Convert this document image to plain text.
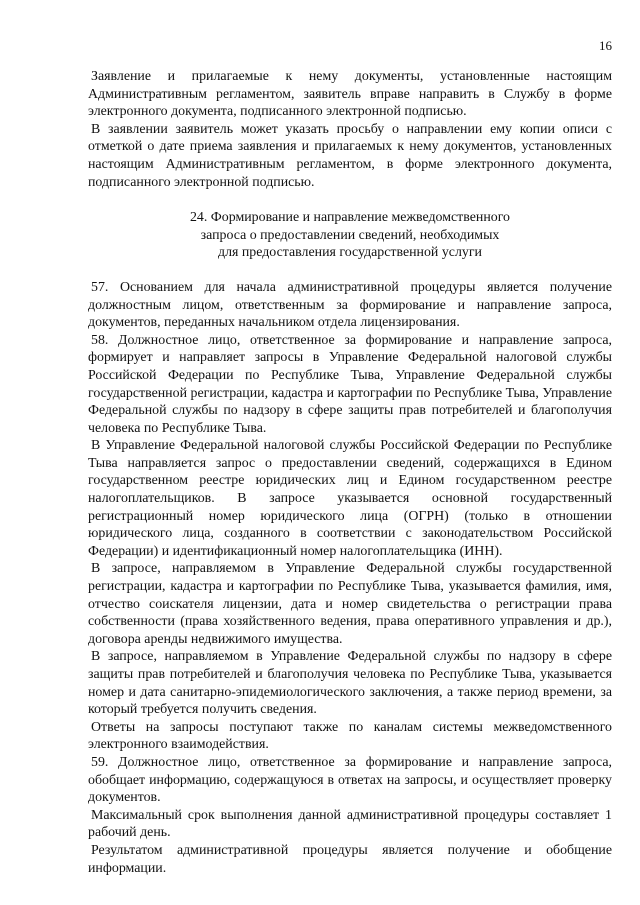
16

Заявление и прилагаемые к нему документы, установленные настоящим Административным регламентом, заявитель вправе направить в Службу в форме электронного документа, подписанного электронной подписью.

В заявлении заявитель может указать просьбу о направлении ему копии описи с отметкой о дате приема заявления и прилагаемых к нему документов, установленных настоящим Административным регламентом, в форме электронного документа, подписанного электронной подписью.

24. Формирование и направление межведомственного
запроса о предоставлении сведений, необходимых
для предоставления государственной услуги

57. Основанием для начала административной процедуры является получение должностным лицом, ответственным за формирование и направление запроса, документов, переданных начальником отдела лицензирования.

58. Должностное лицо, ответственное за формирование и направление запроса, формирует и направляет запросы в Управление Федеральной налоговой службы Российской Федерации по Республике Тыва, Управление Федеральной службы государственной регистрации, кадастра и картографии по Республике Тыва, Управление Федеральной службы по надзору в сфере защиты прав потребителей и благополучия человека по Республике Тыва.

В Управление Федеральной налоговой службы Российской Федерации по Республике Тыва направляется запрос о предоставлении сведений, содержащихся в Едином государственном реестре юридических лиц и Едином государственном реестре налогоплательщиков. В запросе указывается основной государственный регистрационный номер юридического лица (ОГРН) (только в отношении юридического лица, созданного в соответствии с законодательством Российской Федерации) и идентификационный номер налогоплательщика (ИНН).

В запросе, направляемом в Управление Федеральной службы государственной регистрации, кадастра и картографии по Республике Тыва, указывается фамилия, имя, отчество соискателя лицензии, дата и номер свидетельства о регистрации права собственности (права хозяйственного ведения, права оперативного управления и др.), договора аренды недвижимого имущества.

В запросе, направляемом в Управление Федеральной службы по надзору в сфере защиты прав потребителей и благополучия человека по Республике Тыва, указывается номер и дата санитарно-эпидемиологического заключения, а также период времени, за который требуется получить сведения.

Ответы на запросы поступают также по каналам системы межведомственного электронного взаимодействия.

59. Должностное лицо, ответственное за формирование и направление запроса, обобщает информацию, содержащуюся в ответах на запросы, и осуществляет проверку документов.

Максимальный срок выполнения данной административной процедуры составляет 1 рабочий день.

Результатом административной процедуры является получение и обобщение информации.
